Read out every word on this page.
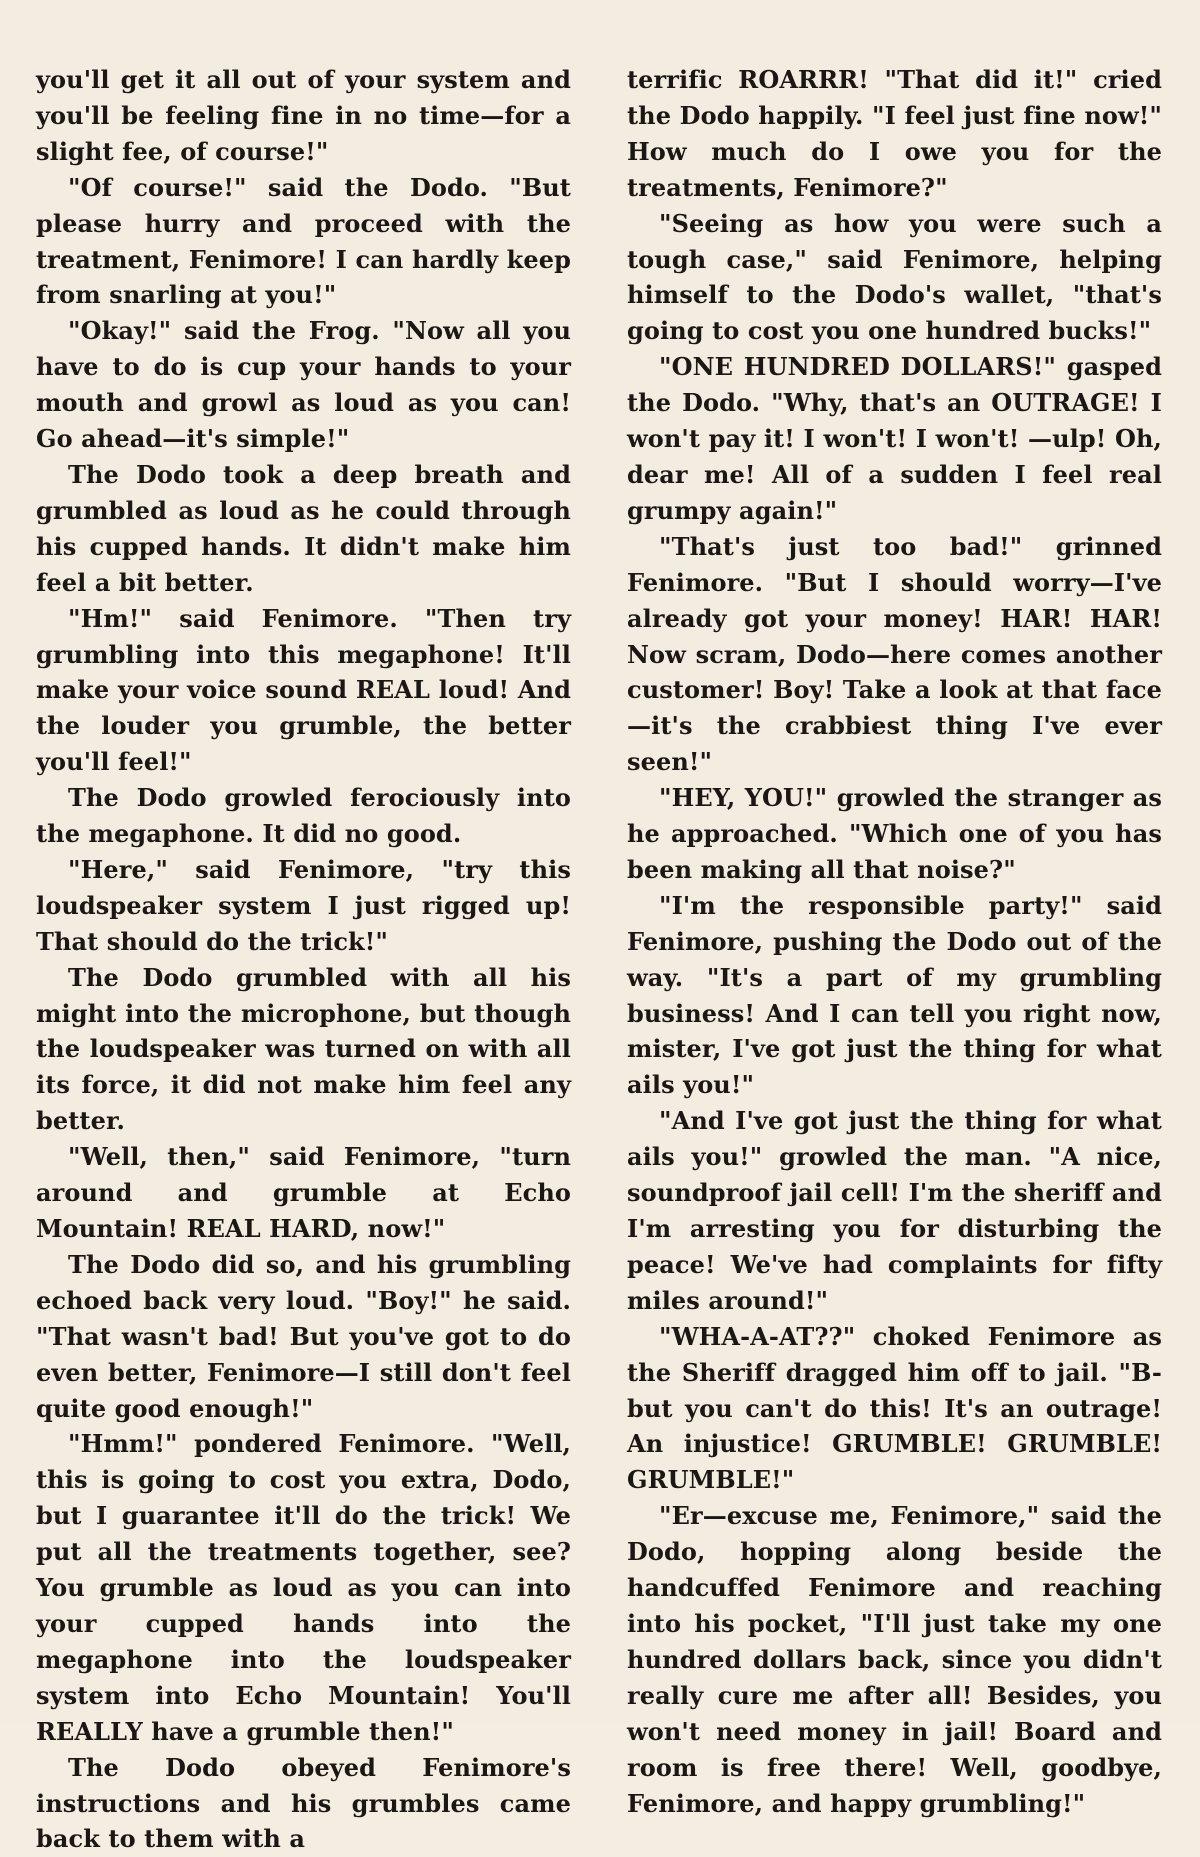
you'll get it all out of your system and you'll be feeling fine in no time—for a slight fee, of course!"

"Of course!" said the Dodo. "But please hurry and proceed with the treatment, Fenimore! I can hardly keep from snarling at you!"

"Okay!" said the Frog. "Now all you have to do is cup your hands to your mouth and growl as loud as you can! Go ahead—it's simple!"

The Dodo took a deep breath and grumbled as loud as he could through his cupped hands. It didn't make him feel a bit better.

"Hm!" said Fenimore. "Then try grumbling into this megaphone! It'll make your voice sound REAL loud! And the louder you grumble, the better you'll feel!"

The Dodo growled ferociously into the megaphone. It did no good.

"Here," said Fenimore, "try this loudspeaker system I just rigged up! That should do the trick!"

The Dodo grumbled with all his might into the microphone, but though the loudspeaker was turned on with all its force, it did not make him feel any better.

"Well, then," said Fenimore, "turn around and grumble at Echo Mountain! REAL HARD, now!"

The Dodo did so, and his grumbling echoed back very loud. "Boy!" he said. "That wasn't bad! But you've got to do even better, Fenimore—I still don't feel quite good enough!"

"Hmm!" pondered Fenimore. "Well, this is going to cost you extra, Dodo, but I guarantee it'll do the trick! We put all the treatments together, see? You grumble as loud as you can into your cupped hands into the megaphone into the loudspeaker system into Echo Mountain! You'll REALLY have a grumble then!"

The Dodo obeyed Fenimore's instructions and his grumbles came back to them with a

terrific ROARRR! "That did it!" cried the Dodo happily. "I feel just fine now!" How much do I owe you for the treatments, Fenimore?"

"Seeing as how you were such a tough case," said Fenimore, helping himself to the Dodo's wallet, "that's going to cost you one hundred bucks!"

"ONE HUNDRED DOLLARS!" gasped the Dodo. "Why, that's an OUTRAGE! I won't pay it! I won't! I won't! —ulp! Oh, dear me! All of a sudden I feel real grumpy again!"

"That's just too bad!" grinned Fenimore. "But I should worry—I've already got your money! HAR! HAR! Now scram, Dodo—here comes another customer! Boy! Take a look at that face—it's the crabbiest thing I've ever seen!"

"HEY, YOU!" growled the stranger as he approached. "Which one of you has been making all that noise?"

"I'm the responsible party!" said Fenimore, pushing the Dodo out of the way. "It's a part of my grumbling business! And I can tell you right now, mister, I've got just the thing for what ails you!"

"And I've got just the thing for what ails you!" growled the man. "A nice, soundproof jail cell! I'm the sheriff and I'm arresting you for disturbing the peace! We've had complaints for fifty miles around!"

"WHA-A-AT??" choked Fenimore as the Sheriff dragged him off to jail. "B-but you can't do this! It's an outrage! An injustice! GRUMBLE! GRUMBLE! GRUMBLE!"

"Er—excuse me, Fenimore," said the Dodo, hopping along beside the handcuffed Fenimore and reaching into his pocket, "I'll just take my one hundred dollars back, since you didn't really cure me after all! Besides, you won't need money in jail! Board and room is free there! Well, goodbye, Fenimore, and happy grumbling!"
